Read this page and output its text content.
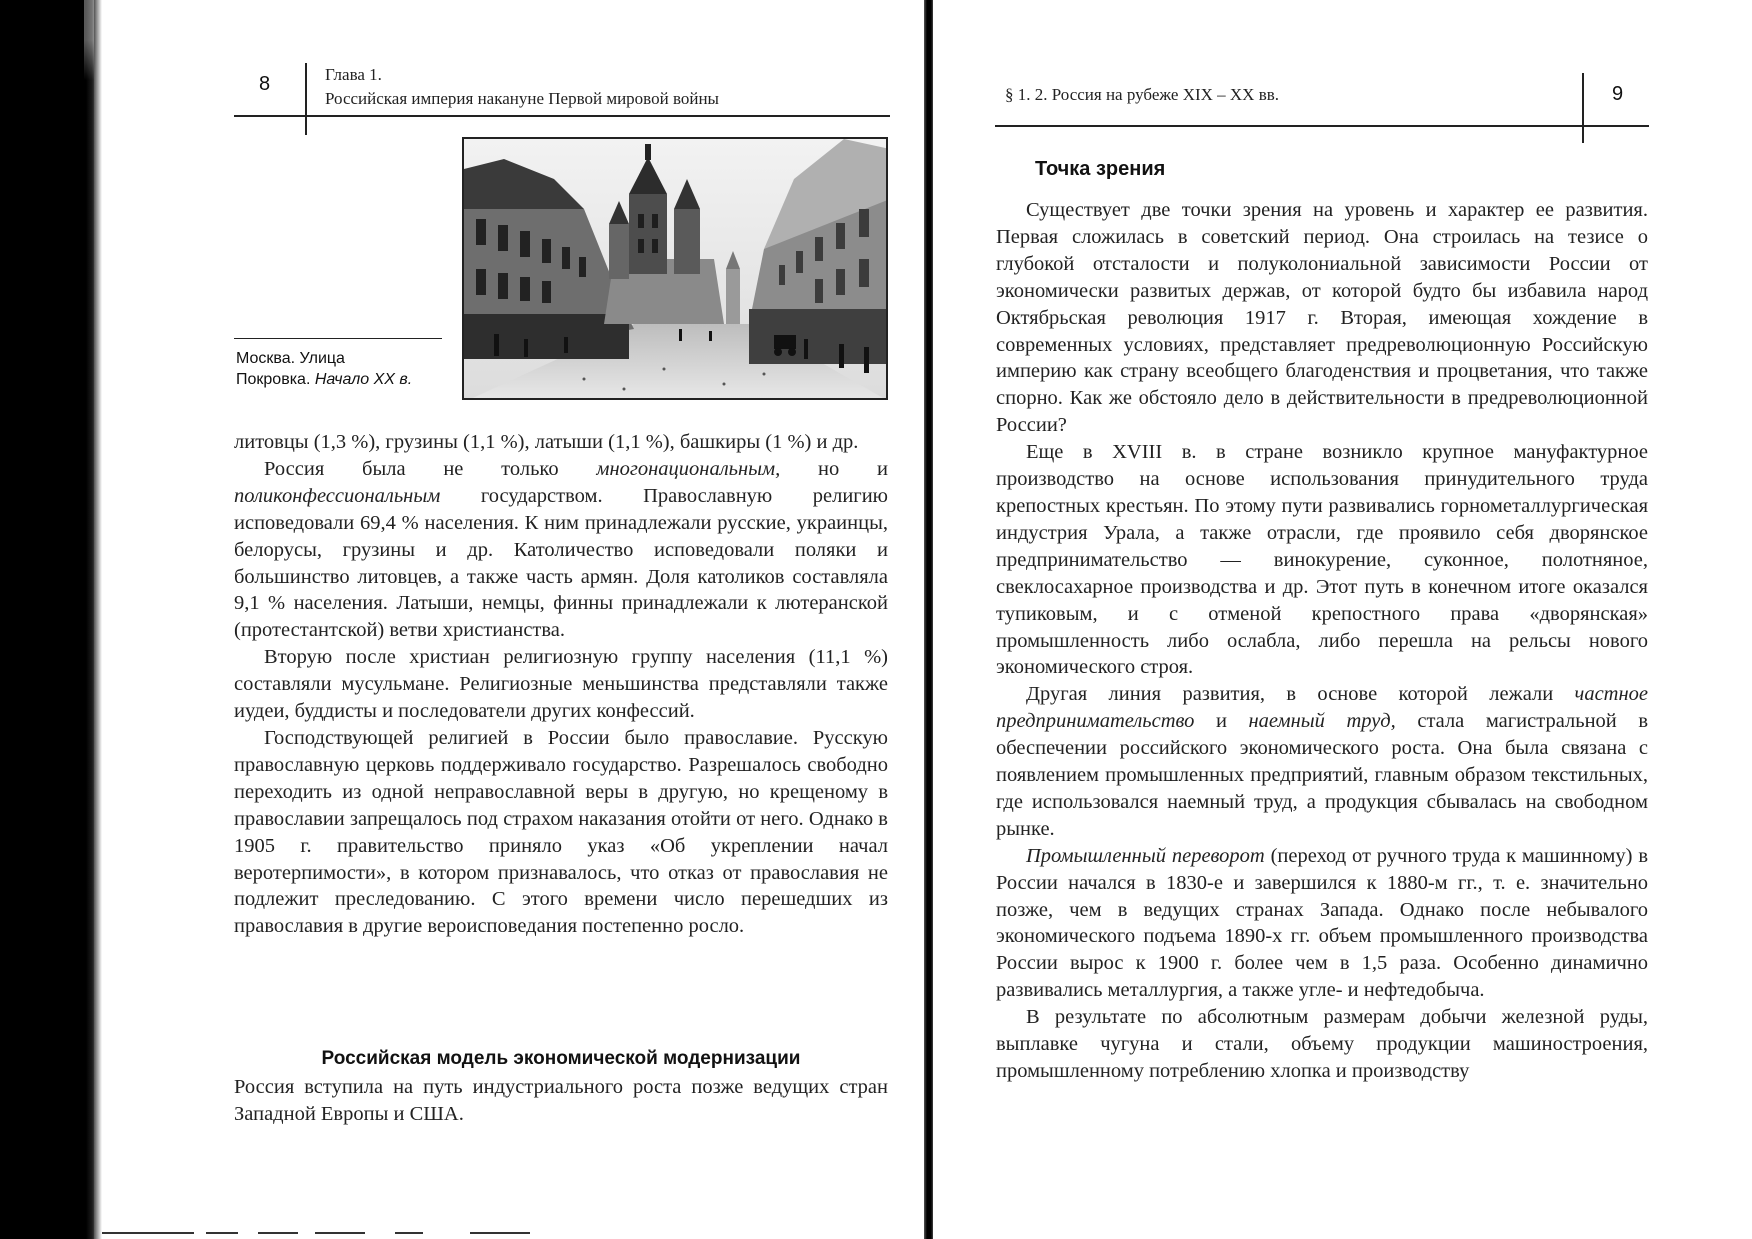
8	Глава 1.
Российская империя накануне Первой мировой войны
Москва. Улица
Покровка. Начало XX в.

литовцы (1,3 %), грузины (1,1 %), латыши (1,1 %), башкиры (1 %) и др.

Россия была не только многонациональным, но и поликонфессиональным государством. Православную религию исповедовали 69,4 % населения. К ним принадлежали русские, украинцы, белорусы, грузины и др. Католичество исповедовали поляки и большинство литовцев, а также часть армян. Доля католиков составляла 9,1 % населения. Латыши, немцы, финны принадлежали к лютеранской (протестантской) ветви христианства.

Вторую после христиан религиозную группу населения (11,1 %) составляли мусульмане. Религиозные меньшинства представляли также иудеи, буддисты и последователи других конфессий.

Господствующей религией в России было православие. Русскую православную церковь поддерживало государство. Разрешалось свободно переходить из одной неправославной веры в другую, но крещеному в православии запрещалось под страхом наказания отойти от него. Однако в 1905 г. правительство приняло указ «Об укреплении начал веротерпимости», в котором признавалось, что отказ от православия не подлежит преследованию. С этого времени число перешедших из православия в другие вероисповедания постепенно росло.

Российская модель экономической модернизации

Россия вступила на путь индустриального роста позже ведущих стран Западной Европы и США.

§ 1. 2. Россия на рубеже XIX – XX вв.	9
Точка зрения

Существует две точки зрения на уровень и характер ее развития. Первая сложилась в советский период. Она строилась на тезисе о глубокой отсталости и полуколониальной зависимости России от экономически развитых держав, от которой будто бы избавила народ Октябрьская революция 1917 г. Вторая, имеющая хождение в современных условиях, представляет предреволюционную Российскую империю как страну всеобщего благоденствия и процветания, что также спорно. Как же обстояло дело в действительности в предреволюционной России?

Еще в XVIII в. в стране возникло крупное мануфактурное производство на основе использования принудительного труда крепостных крестьян. По этому пути развивались горнометаллургическая индустрия Урала, а также отрасли, где проявило себя дворянское предпринимательство — винокурение, суконное, полотняное, свеклосахарное производства и др. Этот путь в конечном итоге оказался тупиковым, и с отменой крепостного права «дворянская» промышленность либо ослабла, либо перешла на рельсы нового экономического строя.

Другая линия развития, в основе которой лежали частное предпринимательство и наемный труд, стала магистральной в обеспечении российского экономического роста. Она была связана с появлением промышленных предприятий, главным образом текстильных, где использовался наемный труд, а продукция сбывалась на свободном рынке.

Промышленный переворот (переход от ручного труда к машинному) в России начался в 1830-е и завершился к 1880-м гг., т. е. значительно позже, чем в ведущих странах Запада. Однако после небывалого экономического подъема 1890-х гг. объем промышленного производства России вырос к 1900 г. более чем в 1,5 раза. Особенно динамично развивались металлургия, а также угле- и нефтедобыча.

В результате по абсолютным размерам добычи железной руды, выплавке чугуна и стали, объему продукции машиностроения, промышленному потреблению хлопка и производству
